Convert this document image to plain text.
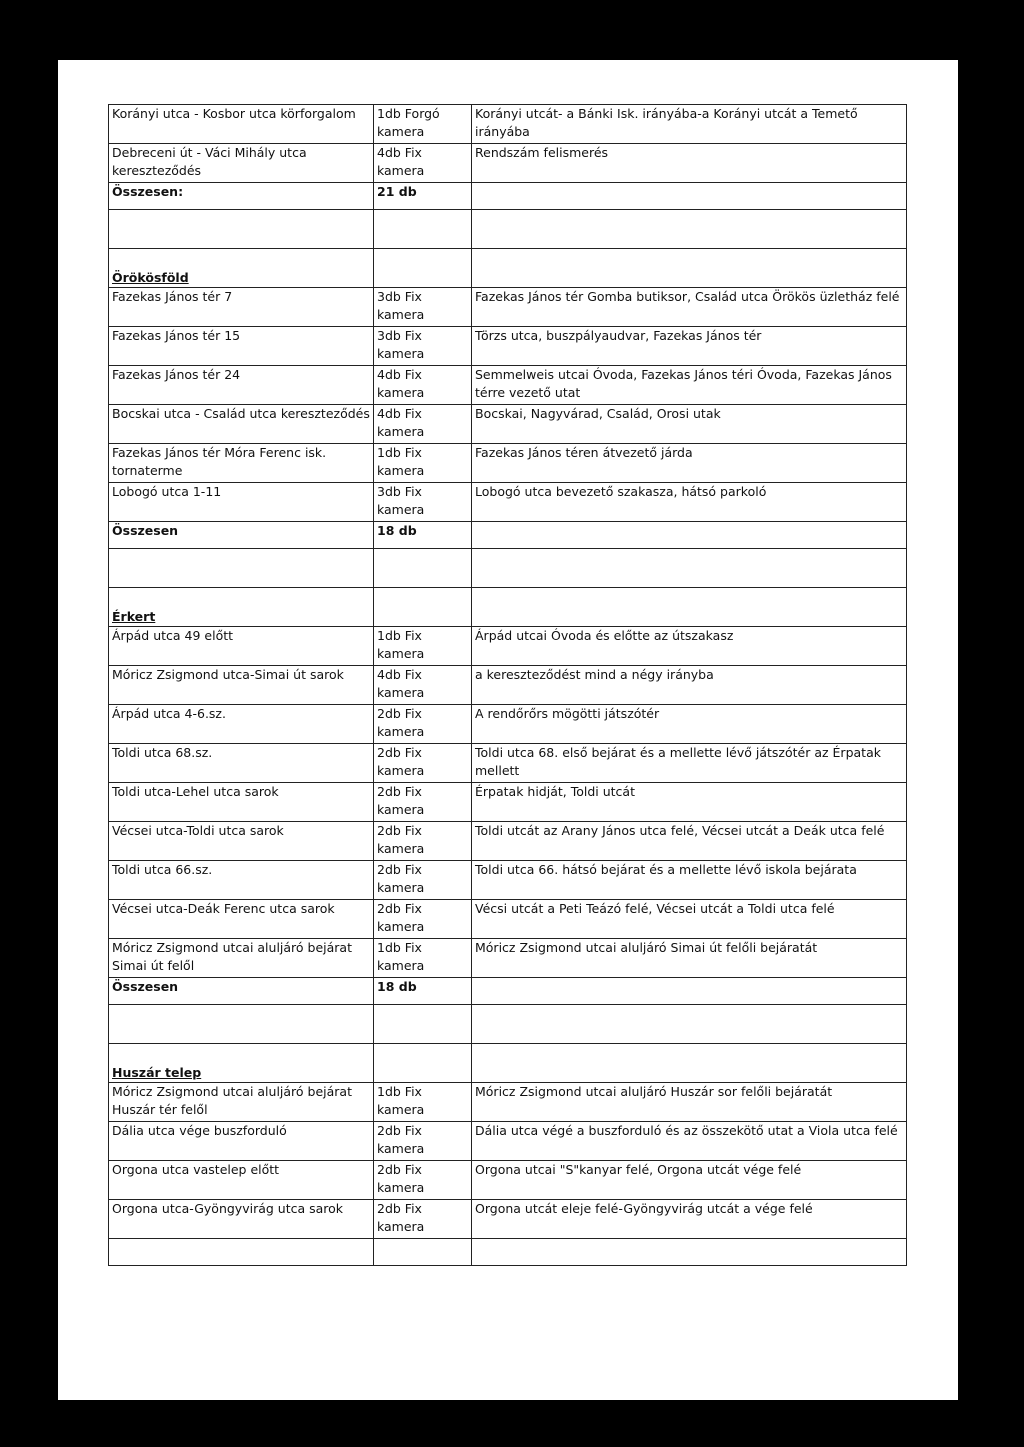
Korányi utca - Kosbor utca körforgalom	1db Forgó kamera	Korányi utcát- a Bánki Isk. irányába-a Korányi utcát a Temető irányába
Debreceni út - Váci Mihály utca kereszteződés	4db Fix kamera	Rendszám felismerés
Összesen:	21 db	

Örökösföld		
Fazekas János tér 7	3db Fix kamera	Fazekas János tér Gomba butiksor, Család utca Örökös üzletház felé
Fazekas János tér 15	3db Fix kamera	Törzs utca, buszpályaudvar, Fazekas János tér
Fazekas János tér 24	4db Fix kamera	Semmelweis utcai Óvoda, Fazekas János téri Óvoda, Fazekas János térre vezető utat
Bocskai utca - Család utca kereszteződés	4db Fix kamera	Bocskai, Nagyvárad, Család, Orosi utak
Fazekas János tér Móra Ferenc isk. tornaterme	1db Fix kamera	Fazekas János téren átvezető járda
Lobogó utca 1-11	3db Fix kamera	Lobogó utca bevezető szakasza, hátsó parkoló
Összesen	18 db	

Érkert		
Árpád utca 49 előtt	1db Fix kamera	Árpád utcai Óvoda és előtte az útszakasz
Móricz Zsigmond utca-Simai út sarok	4db Fix kamera	a kereszteződést mind a négy irányba
Árpád utca 4-6.sz.	2db Fix kamera	A rendőrőrs mögötti játszótér
Toldi utca 68.sz.	2db Fix kamera	Toldi utca 68. első bejárat és a mellette lévő játszótér az Érpatak mellett
Toldi utca-Lehel utca sarok	2db Fix kamera	Érpatak hidját, Toldi utcát
Vécsei utca-Toldi utca sarok	2db Fix kamera	Toldi utcát az Arany János utca felé, Vécsei utcát a Deák utca felé
Toldi utca 66.sz.	2db Fix kamera	Toldi utca 66. hátsó bejárat és a mellette lévő iskola bejárata
Vécsei utca-Deák Ferenc utca sarok	2db Fix kamera	Vécsi utcát a Peti Teázó felé, Vécsei utcát a Toldi utca felé
Móricz Zsigmond utcai aluljáró bejárat Simai út felől	1db Fix kamera	Móricz Zsigmond utcai aluljáró Simai út felőli bejáratát
Összesen	18 db	

Huszár telep		
Móricz Zsigmond utcai aluljáró bejárat Huszár tér felől	1db Fix kamera	Móricz Zsigmond utcai aluljáró Huszár sor felőli bejáratát
Dália utca vége buszforduló	2db Fix kamera	Dália utca végé a buszforduló és az összekötő utat a Viola utca felé
Orgona utca vastelep előtt	2db Fix kamera	Orgona utcai "S"kanyar felé, Orgona utcát vége felé
Orgona utca-Gyöngyvirág utca sarok	2db Fix kamera	Orgona utcát eleje felé-Gyöngyvirág utcát a vége felé
